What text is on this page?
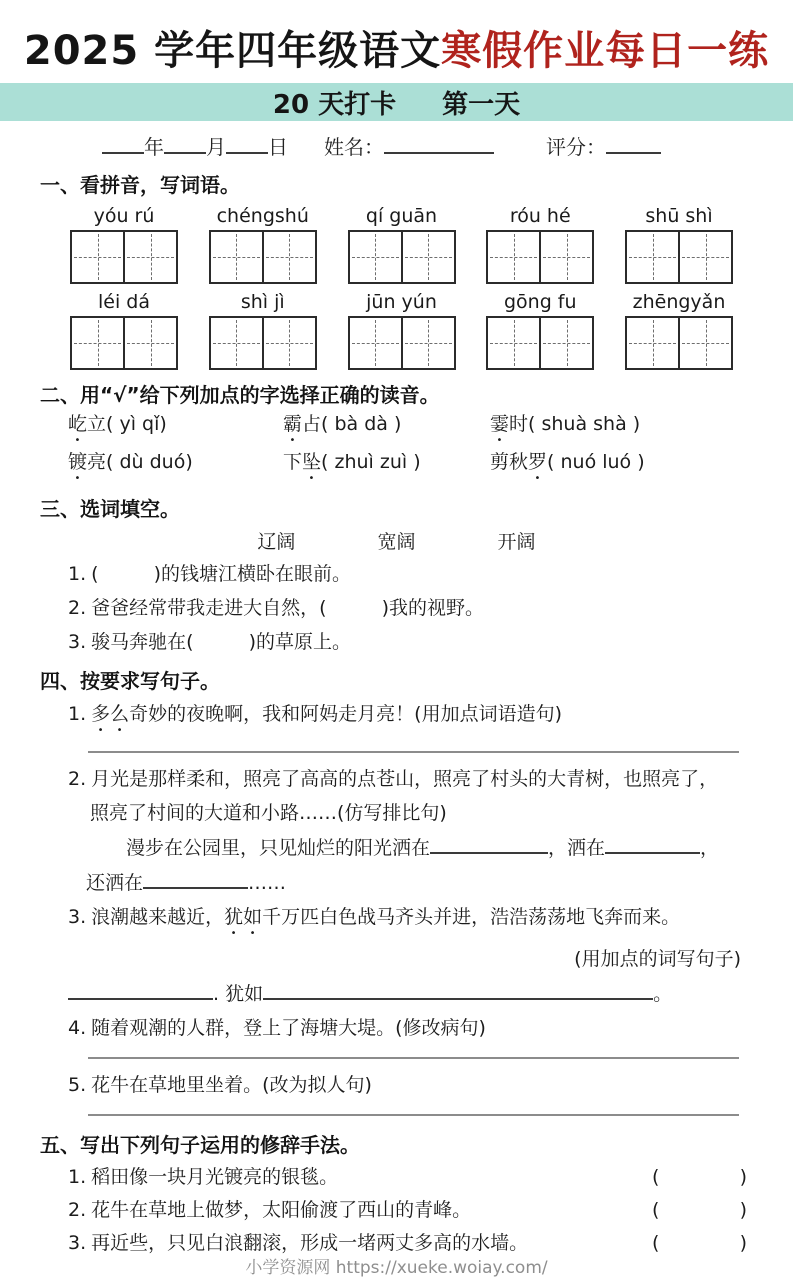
2025 学年四年级语文寒假作业每日一练
20 天打卡 第一天
年 月 日 姓名：	评分：
一、看拼音，写词语。
yóu rú	chéngshú	qí guān	róu hé	shū shì
léi dá	shì jì	jūn yún	gōng fu	zhēngyǎn
二、用“√”给下列加点的字选择正确的读音。
屹立( yì qǐ)	霸占( bà dà )	霎时( shuà shà )
镀亮( dù duó)	下坠( zhuì zuì )	剪秋罗( nuó luó )
三、选词填空。
辽阔	宽阔	开阔
1. (	)的钱塘江横卧在眼前。
2. 爸爸经常带我走进大自然，(	)我的视野。
3. 骏马奔驰在(	)的草原上。
四、按要求写句子。
1. 多么奇妙的夜晚啊，我和阿妈走月亮！(用加点词语造句)
2. 月光是那样柔和，照亮了高高的点苍山，照亮了村头的大青树，也照亮了，
照亮了村间的大道和小路……(仿写排比句)
漫步在公园里，只见灿烂的阳光洒在	，洒在	，
还洒在	……
3. 浪潮越来越近，犹如千万匹白色战马齐头并进，浩浩荡荡地飞奔而来。
(用加点的词写句子)
. 犹如	。
4. 随着观潮的人群，登上了海塘大堤。(修改病句)
5. 花牛在草地里坐着。(改为拟人句)
五、写出下列句子运用的修辞手法。
1. 稻田像一块月光镀亮的银毯。	(	)
2. 花牛在草地上做梦，太阳偷渡了西山的青峰。	(	)
3. 再近些，只见白浪翻滚，形成一堵两丈多高的水墙。	(	)
小学资源网 https://xueke.woiay.com/
